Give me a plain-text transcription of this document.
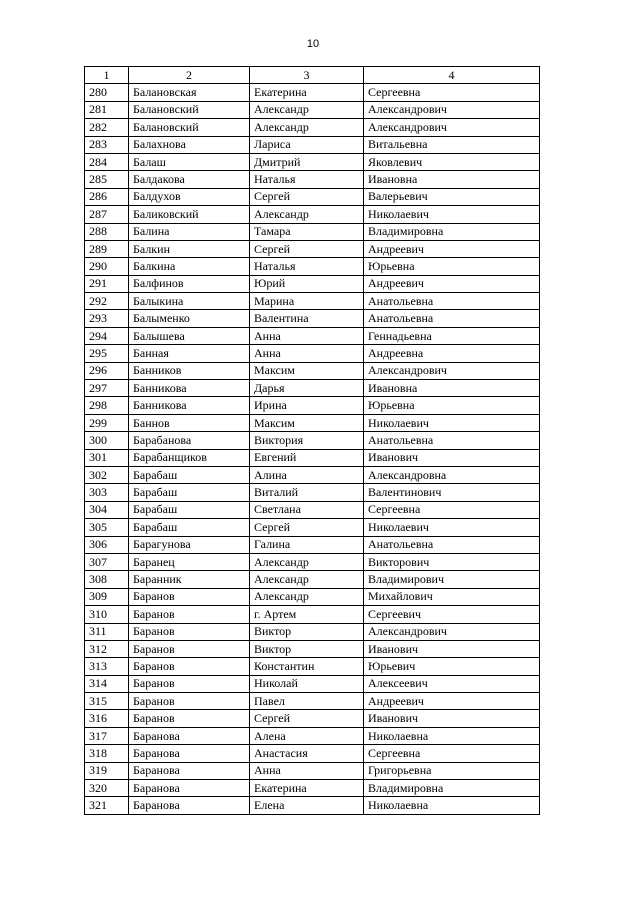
10
1	2	3	4
280	Балановская	Екатерина	Сергеевна
281	Балановский	Александр	Александрович
282	Балановский	Александр	Александрович
283	Балахнова	Лариса	Витальевна
284	Балаш	Дмитрий	Яковлевич
285	Балдакова	Наталья	Ивановна
286	Балдухов	Сергей	Валерьевич
287	Баликовский	Александр	Николаевич
288	Балина	Тамара	Владимировна
289	Балкин	Сергей	Андреевич
290	Балкина	Наталья	Юрьевна
291	Балфинов	Юрий	Андреевич
292	Балыкина	Марина	Анатольевна
293	Балыменко	Валентина	Анатольевна
294	Балышева	Анна	Геннадьевна
295	Банная	Анна	Андреевна
296	Банников	Максим	Александрович
297	Банникова	Дарья	Ивановна
298	Банникова	Ирина	Юрьевна
299	Баннов	Максим	Николаевич
300	Барабанова	Виктория	Анатольевна
301	Барабанщиков	Евгений	Иванович
302	Барабаш	Алина	Александровна
303	Барабаш	Виталий	Валентинович
304	Барабаш	Светлана	Сергеевна
305	Барабаш	Сергей	Николаевич
306	Барагунова	Галина	Анатольевна
307	Баранец	Александр	Викторович
308	Баранник	Александр	Владимирович
309	Баранов	Александр	Михайлович
310	Баранов	г. Артем	Сергеевич
311	Баранов	Виктор	Александрович
312	Баранов	Виктор	Иванович
313	Баранов	Константин	Юрьевич
314	Баранов	Николай	Алексеевич
315	Баранов	Павел	Андреевич
316	Баранов	Сергей	Иванович
317	Баранова	Алена	Николаевна
318	Баранова	Анастасия	Сергеевна
319	Баранова	Анна	Григорьевна
320	Баранова	Екатерина	Владимировна
321	Баранова	Елена	Николаевна
